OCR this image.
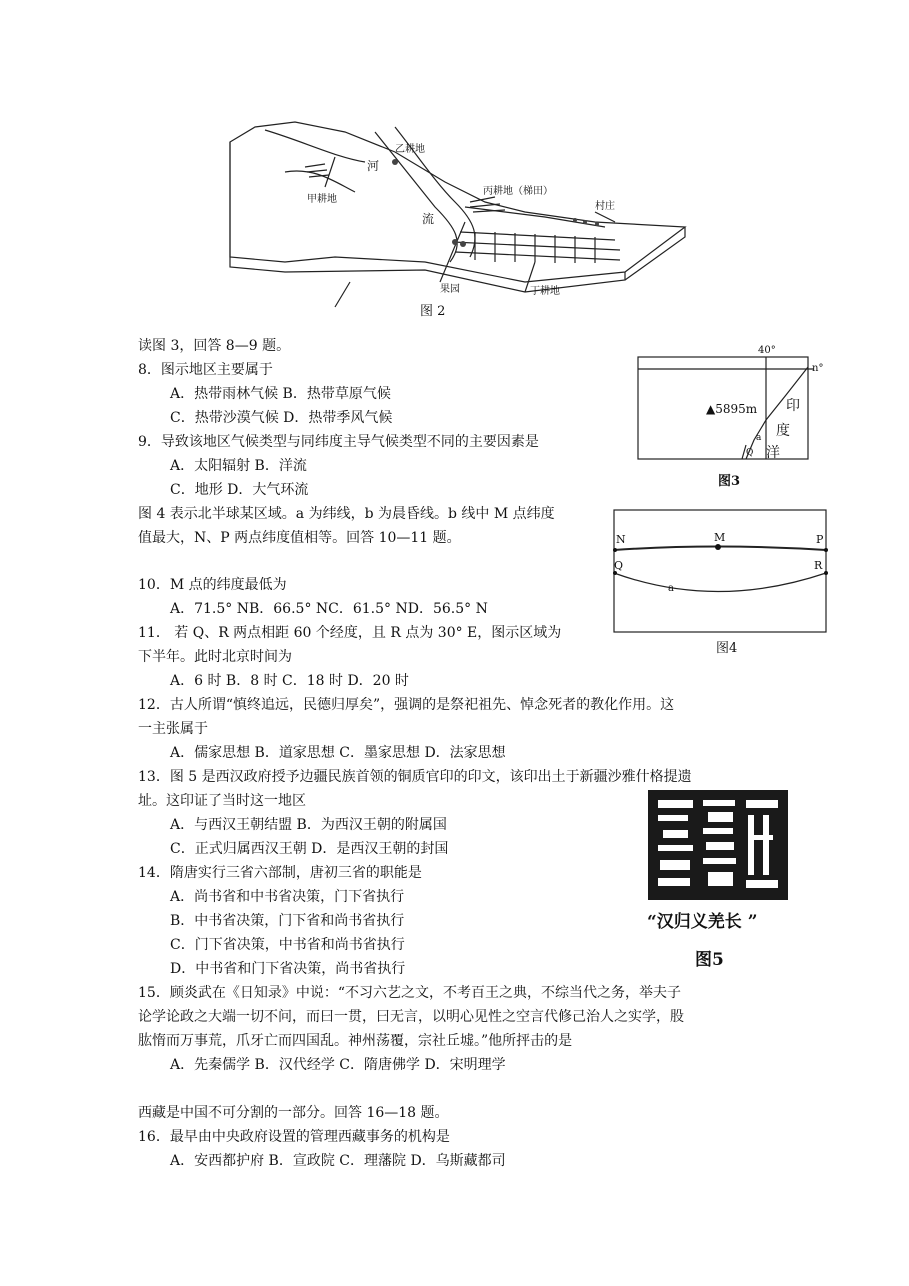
乙耕地
甲耕地
丙耕地（梯田）
村庄
果园	丁耕地
河
流
图 2
40°
n°
▲5895m 印
度
洋
a
Q
图3
N	M	P
Q	R
a
图4
“汉归义羌长 ”
图5
读图 3，回答 8—9 题。
8．图示地区主要属于
A．热带雨林气候 B．热带草原气候
C．热带沙漠气候 D．热带季风气候
9．导致该地区气候类型与同纬度主导气候类型不同的主要因素是
A．太阳辐射 B．洋流
C．地形 D．大气环流
图 4 表示北半球某区域。a 为纬线，b 为晨昏线。b 线中 M 点纬度
值最大，N、P 两点纬度值相等。回答 10—11 题。
10．M 点的纬度最低为
A．71.5° NB．66.5° NC．61.5° ND．56.5° N
11． 若 Q、R 两点相距 60 个经度，且 R 点为 30° E，图示区域为
下半年。此时北京时间为
A．6 时 B．8 时 C．18 时 D．20 时
12．古人所谓“慎终追远，民德归厚矣”，强调的是祭祀祖先、悼念死者的教化作用。这
一主张属于
A．儒家思想 B．道家思想 C．墨家思想 D．法家思想
13．图 5 是西汉政府授予边疆民族首领的铜质官印的印文，该印出土于新疆沙雅什格提遗
址。这印证了当时这一地区
A．与西汉王朝结盟 B．为西汉王朝的附属国
C．正式归属西汉王朝 D．是西汉王朝的封国
14．隋唐实行三省六部制，唐初三省的职能是
A．尚书省和中书省决策，门下省执行
B．中书省决策，门下省和尚书省执行
C．门下省决策，中书省和尚书省执行
D．中书省和门下省决策，尚书省执行
15．顾炎武在《日知录》中说：“不习六艺之文，不考百王之典，不综当代之务，举夫子
论学论政之大端一切不问，而曰一贯，曰无言，以明心见性之空言代修己治人之实学，股
肱惰而万事荒，爪牙亡而四国乱。神州荡覆，宗社丘墟。”他所抨击的是
A．先秦儒学 B．汉代经学 C．隋唐佛学 D．宋明理学
西藏是中国不可分割的一部分。回答 16—18 题。
16．最早由中央政府设置的管理西藏事务的机构是
A．安西都护府 B．宣政院 C．理藩院 D．乌斯藏都司
